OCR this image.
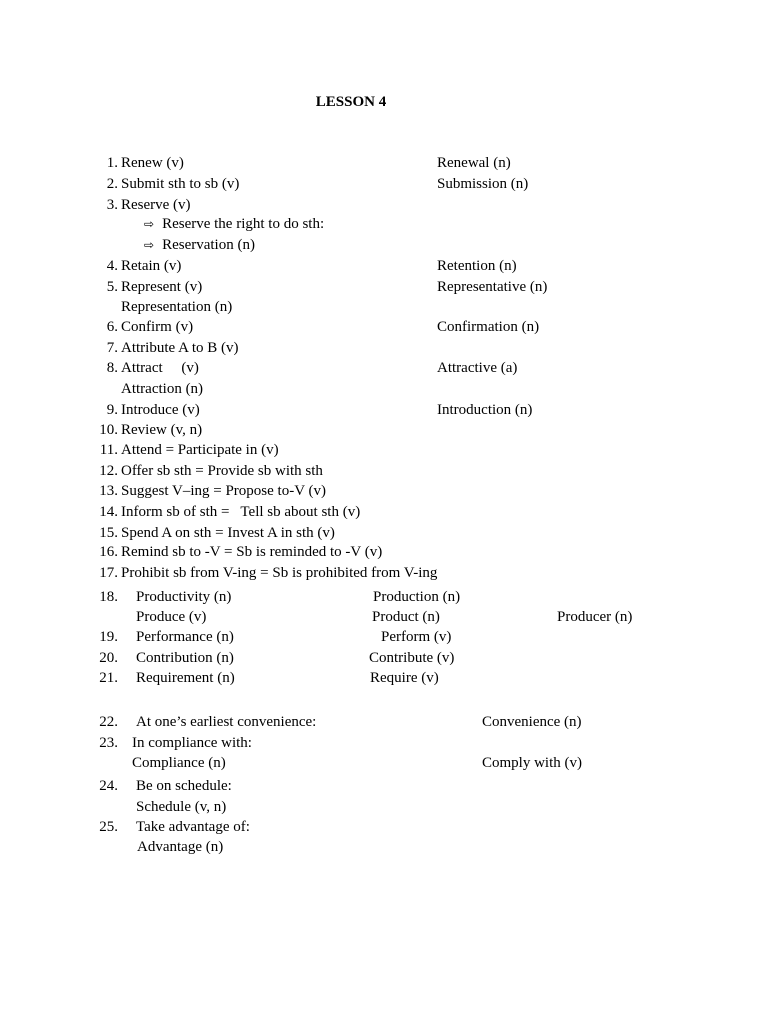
LESSON 4
1. Renew (v)	Renewal (n)
2. Submit sth to sb (v)	Submission (n)
3. Reserve (v)
⇨ Reserve the right to do sth:
⇨ Reservation (n)
4. Retain (v)	Retention (n)
5. Represent (v)	Representative (n)
Representation (n)
6. Confirm (v)	Confirmation (n)
7. Attribute A to B (v)
8. Attract     (v)	Attractive (a)
Attraction (n)
9. Introduce (v)	Introduction (n)
10. Review (v, n)
11. Attend = Participate in (v)
12. Offer sb sth = Provide sb with sth
13. Suggest V–ing = Propose to-V (v)
14. Inform sb of sth =   Tell sb about sth (v)
15. Spend A on sth = Invest A in sth (v)
16. Remind sb to -V = Sb is reminded to -V (v)
17. Prohibit sb from V-ing = Sb is prohibited from V-ing
18. Productivity (n)	Production (n)
Produce (v)	Product (n)	Producer (n)
19. Performance (n)	Perform (v)
20. Contribution (n)	Contribute (v)
21. Requirement (n)	Require (v)
22. At one’s earliest convenience:	Convenience (n)
23. In compliance with:
Compliance (n)	Comply with (v)
24. Be on schedule:
Schedule (v, n)
25. Take advantage of:
Advantage (n)
